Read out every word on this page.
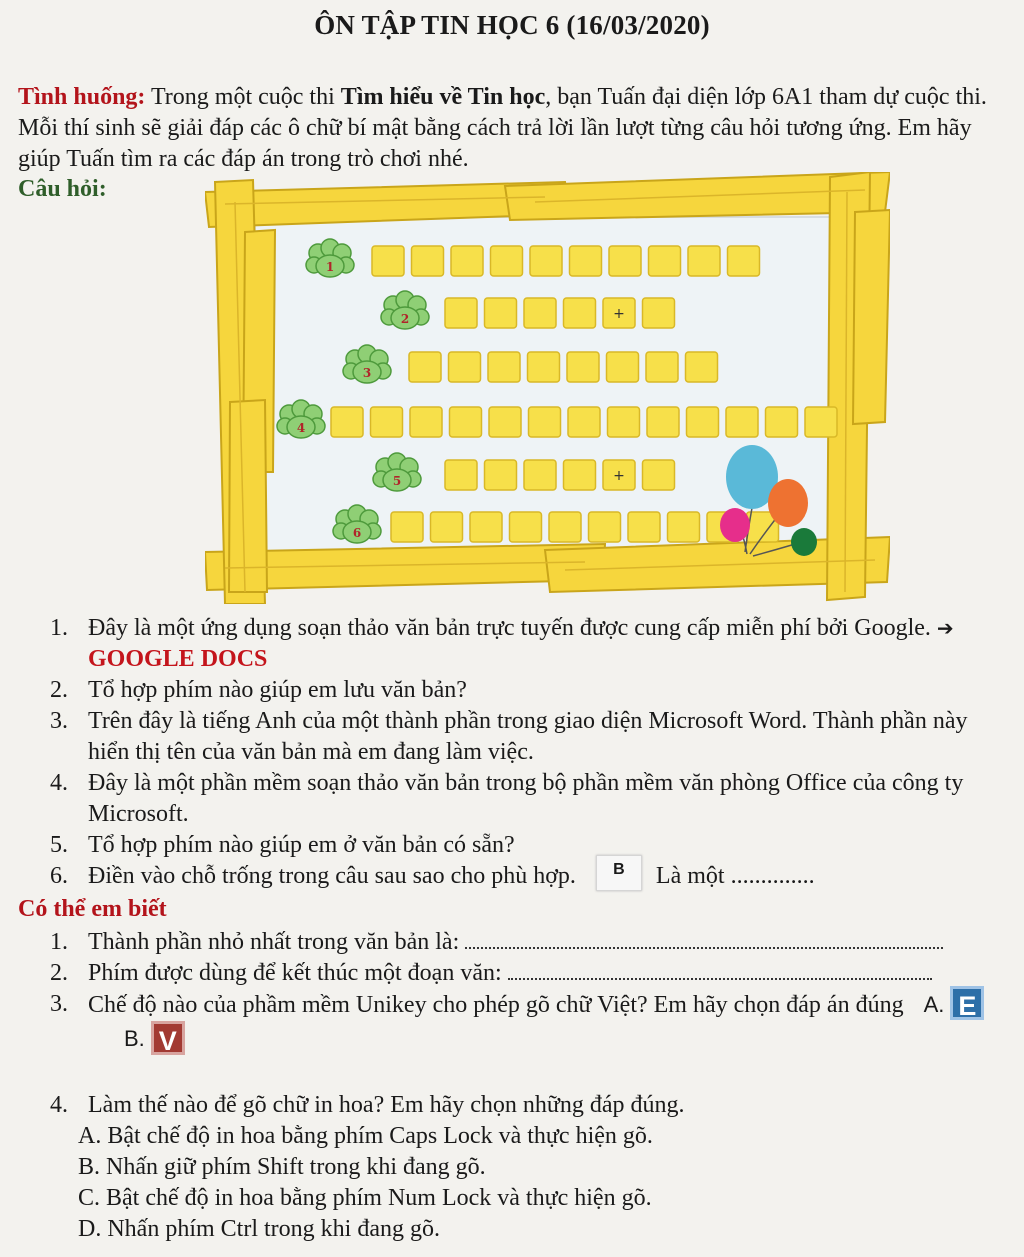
ÔN TẬP TIN HỌC 6 (16/03/2020)
Tình huống: Trong một cuộc thi Tìm hiểu về Tin học, bạn Tuấn đại diện lớp 6A1 tham dự cuộc thi. Mỗi thí sinh sẽ giải đáp các ô chữ bí mật bằng cách trả lời lần lượt từng câu hỏi tương ứng. Em hãy giúp Tuấn tìm ra các đáp án trong trò chơi nhé.
Câu hỏi:
1
2	+
3
4
5	+
6
1. Đây là một ứng dụng soạn thảo văn bản trực tuyến được cung cấp miễn phí bởi Google. ➔ GOOGLE DOCS
2. Tổ hợp phím nào giúp em lưu văn bản?
3. Trên đây là tiếng Anh của một thành phần trong giao diện Microsoft Word. Thành phần này hiển thị tên của văn bản mà em đang làm việc.
4. Đây là một phần mềm soạn thảo văn bản trong bộ phần mềm văn phòng Office của công ty Microsoft.
5. Tổ hợp phím nào giúp em ở văn bản có sẵn?
6. Điền vào chỗ trống trong câu sau sao cho phù hợp. B Là một ..............
Có thể em biết
1. Thành phần nhỏ nhất trong văn bản là:
2. Phím được dùng để kết thúc một đoạn văn:
3. Chế độ nào của phầm mềm Unikey cho phép gõ chữ Việt? Em hãy chọn đáp án đúng A. E B. V
4. Làm thế nào để gõ chữ in hoa? Em hãy chọn những đáp đúng.
A. Bật chế độ in hoa bằng phím Caps Lock và thực hiện gõ.
B. Nhấn giữ phím Shift trong khi đang gõ.
C. Bật chế độ in hoa bằng phím Num Lock và thực hiện gõ.
D. Nhấn phím Ctrl trong khi đang gõ.
